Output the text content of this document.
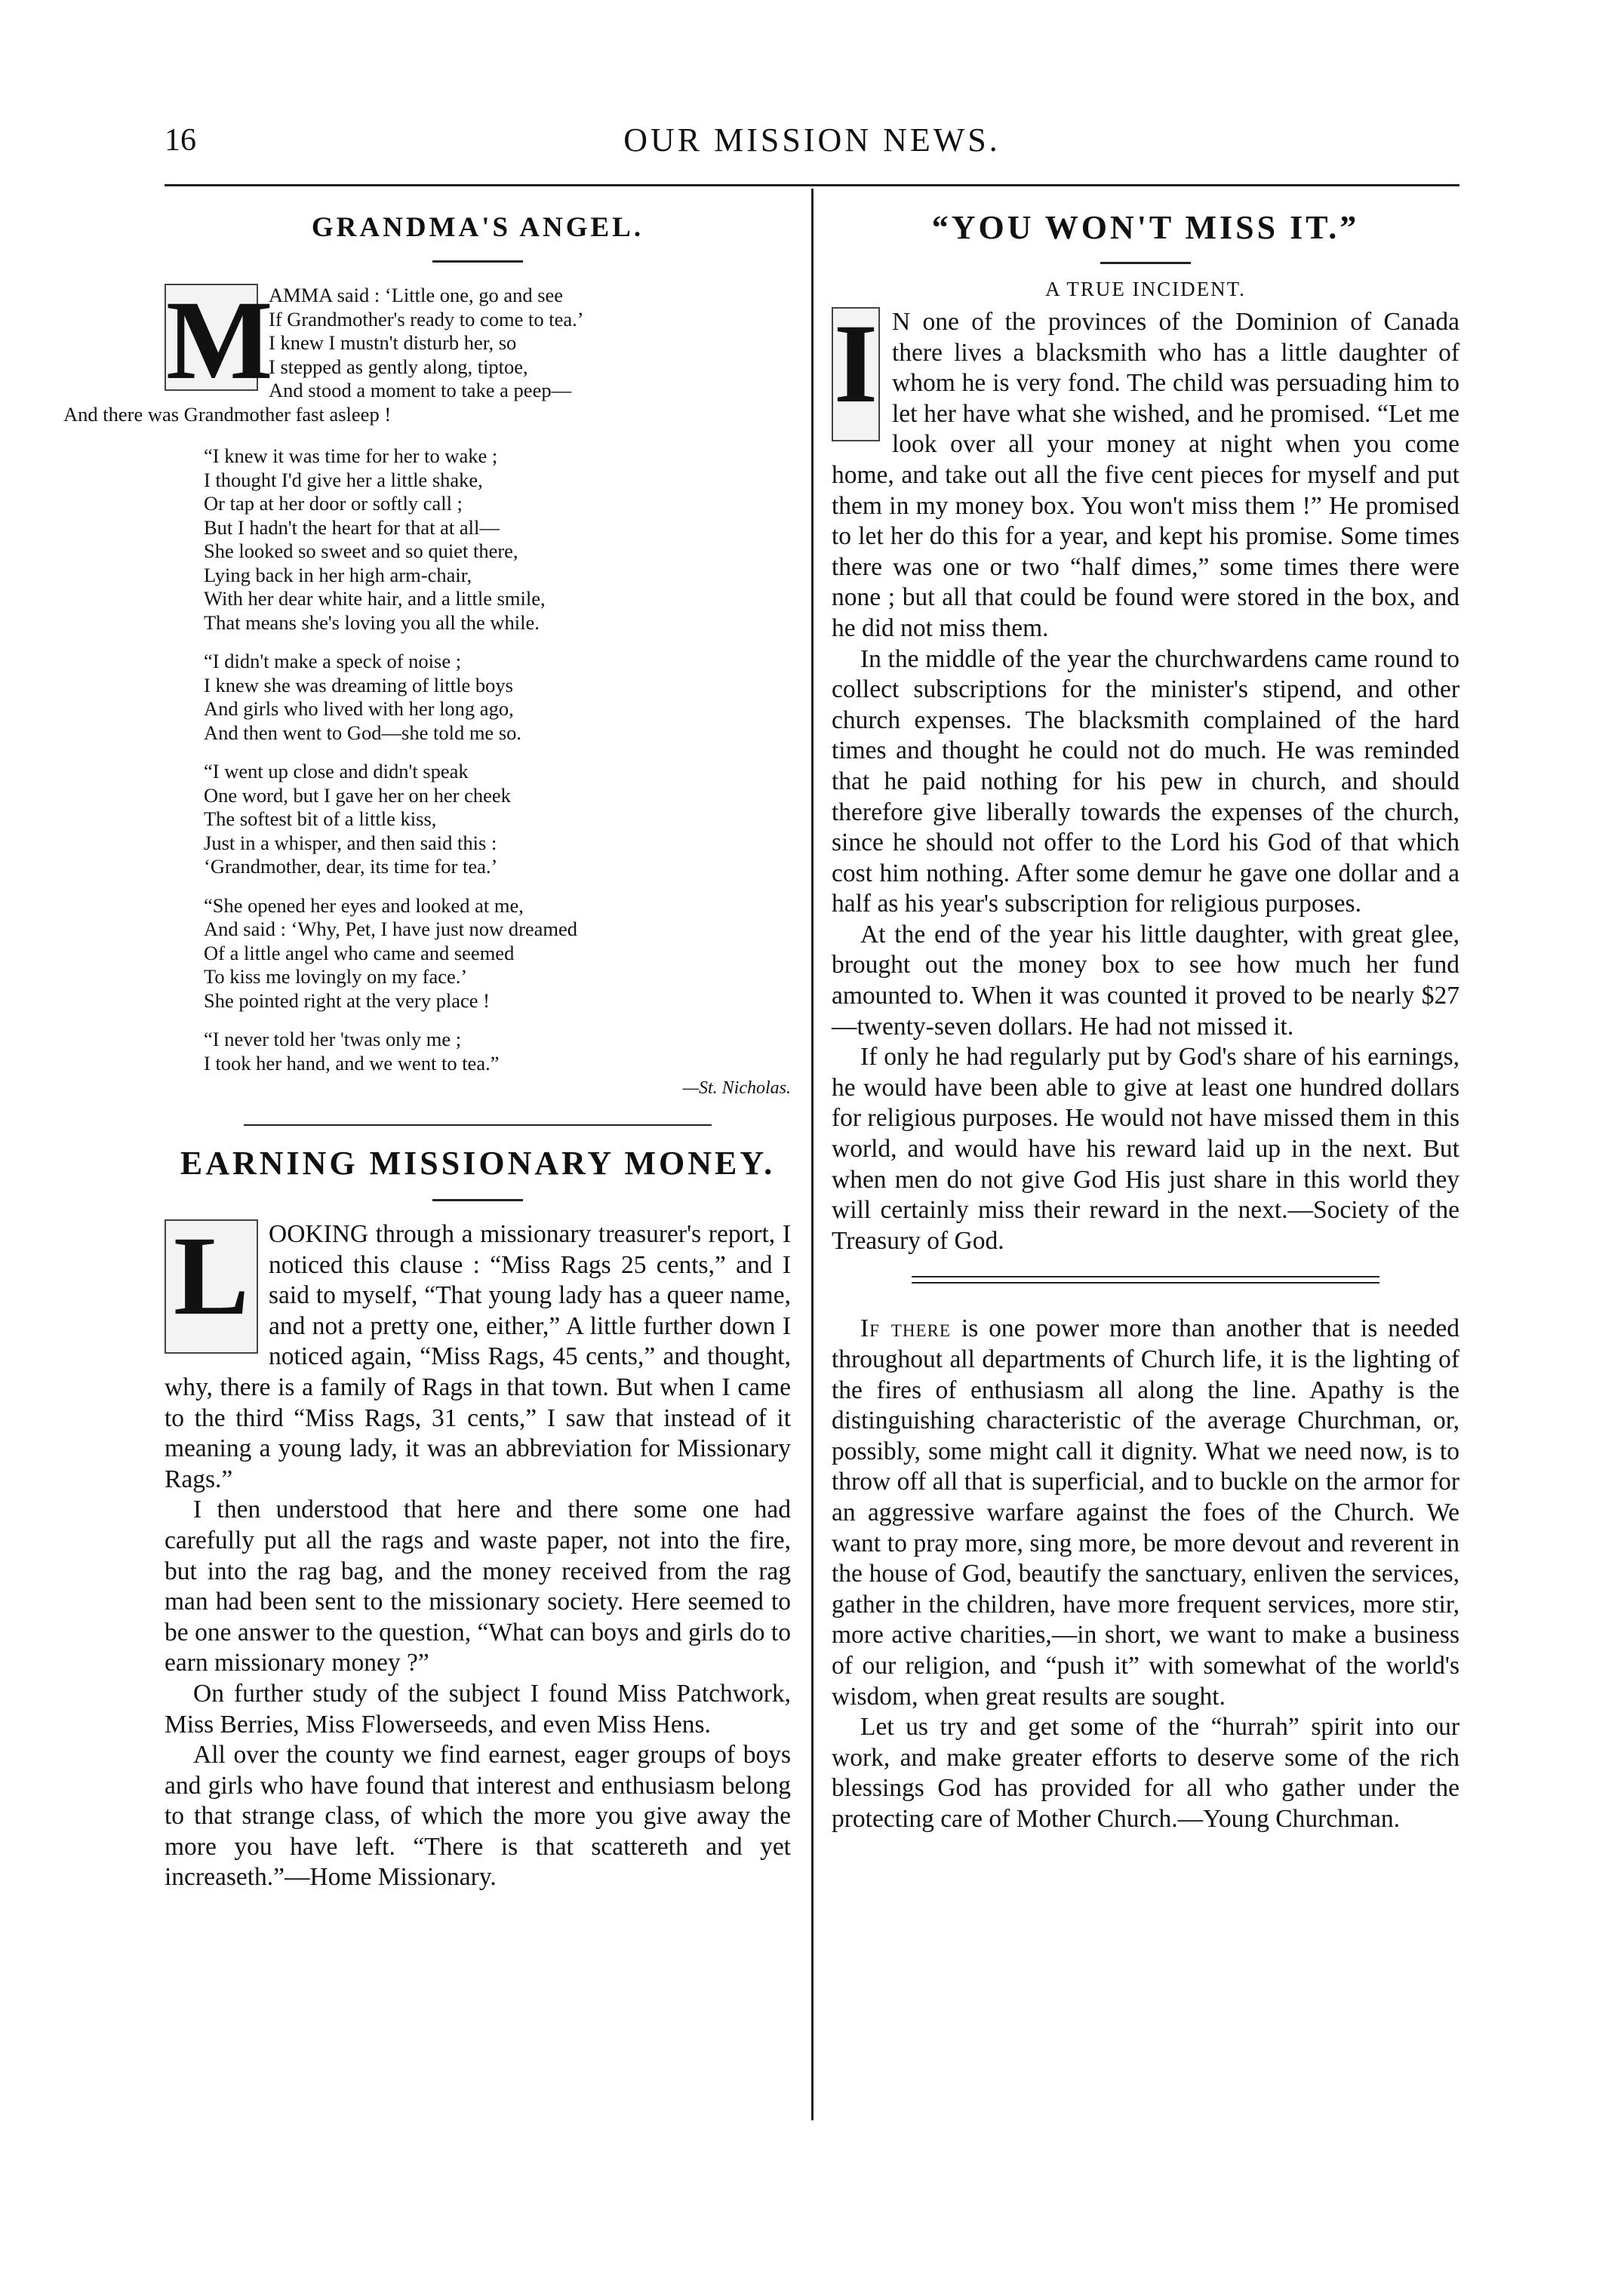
16	OUR MISSION NEWS.
GRANDMA'S ANGEL.
M
AMMA said : ‘Little one, go and see
If Grandmother's ready to come to tea.’
I knew I mustn't disturb her, so
I stepped as gently along, tiptoe,
And stood a moment to take a peep—
And there was Grandmother fast asleep !
“I knew it was time for her to wake ;
I thought I'd give her a little shake,
Or tap at her door or softly call ;
But I hadn't the heart for that at all—
She looked so sweet and so quiet there,
Lying back in her high arm-chair,
With her dear white hair, and a little smile,
That means she's loving you all the while.
“I didn't make a speck of noise ;
I knew she was dreaming of little boys
And girls who lived with her long ago,
And then went to God—she told me so.
“I went up close and didn't speak
One word, but I gave her on her cheek
The softest bit of a little kiss,
Just in a whisper, and then said this :
‘Grandmother, dear, its time for tea.’
“She opened her eyes and looked at me,
And said : ‘Why, Pet, I have just now dreamed
Of a little angel who came and seemed
To kiss me lovingly on my face.’
She pointed right at the very place !
“I never told her 'twas only me ;
I took her hand, and we went to tea.”

—St. Nicholas.

EARNING MISSIONARY MONEY.
L OOKING through a missionary treasurer's report, I noticed this clause : “Miss Rags 25 cents,” and I said to myself, “That young lady has a queer name, and not a pretty one, either,” A little further down I noticed again, “Miss Rags, 45 cents,” and thought, why, there is a family of Rags in that town. But when I came to the third “Miss Rags, 31 cents,” I saw that instead of it meaning a young lady, it was an abbreviation for Missionary Rags.”

I then understood that here and there some one had carefully put all the rags and waste paper, not into the fire, but into the rag bag, and the money received from the rag man had been sent to the missionary society. Here seemed to be one answer to the question, “What can boys and girls do to earn missionary money ?”

On further study of the subject I found Miss Patchwork, Miss Berries, Miss Flowerseeds, and even Miss Hens.

All over the county we find earnest, eager groups of boys and girls who have found that interest and enthusiasm belong to that strange class, of which the more you give away the more you have left. “There is that scattereth and yet increaseth.”—Home Missionary.

“YOU WON'T MISS IT.”

A TRUE INCIDENT.

I N one of the provinces of the Dominion of Canada there lives a blacksmith who has a little daughter of whom he is very fond. The child was persuading him to let her have what she wished, and he promised. “Let me look over all your money at night when you come home, and take out all the five cent pieces for myself and put them in my money box. You won't miss them !” He promised to let her do this for a year, and kept his promise. Some times there was one or two “half dimes,” some times there were none ; but all that could be found were stored in the box, and he did not miss them.

In the middle of the year the churchwardens came round to collect subscriptions for the minister's stipend, and other church expenses. The blacksmith complained of the hard times and thought he could not do much. He was reminded that he paid nothing for his pew in church, and should therefore give liberally towards the expenses of the church, since he should not offer to the Lord his God of that which cost him nothing. After some demur he gave one dollar and a half as his year's subscription for religious purposes.

At the end of the year his little daughter, with great glee, brought out the money box to see how much her fund amounted to. When it was counted it proved to be nearly $27—twenty-seven dollars. He had not missed it.

If only he had regularly put by God's share of his earnings, he would have been able to give at least one hundred dollars for religious purposes. He would not have missed them in this world, and would have his reward laid up in the next. But when men do not give God His just share in this world they will certainly miss their reward in the next.—Society of the Treasury of God.

If there is one power more than another that is needed throughout all departments of Church life, it is the lighting of the fires of enthusiasm all along the line. Apathy is the distinguishing characteristic of the average Churchman, or, possibly, some might call it dignity. What we need now, is to throw off all that is superficial, and to buckle on the armor for an aggressive warfare against the foes of the Church. We want to pray more, sing more, be more devout and reverent in the house of God, beautify the sanctuary, enliven the services, gather in the children, have more frequent services, more stir, more active charities,—in short, we want to make a business of our religion, and “push it” with somewhat of the world's wisdom, when great results are sought.

Let us try and get some of the “hurrah” spirit into our work, and make greater efforts to deserve some of the rich blessings God has provided for all who gather under the protecting care of Mother Church.—Young Churchman.
